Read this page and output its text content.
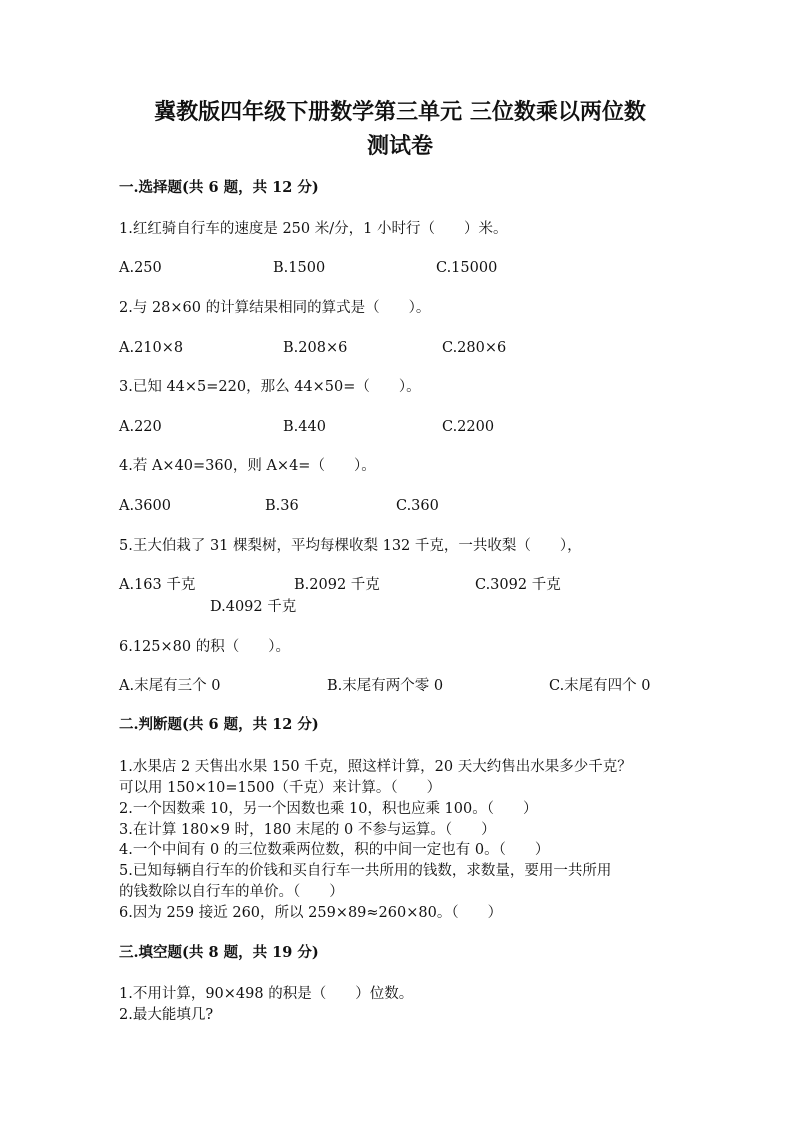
冀教版四年级下册数学第三单元 三位数乘以两位数
测试卷
一.选择题(共 6 题，共 12 分)
1.红红骑自行车的速度是 250 米/分，1 小时行（　　）米。
A.250	B.1500	C.15000
2.与 28×60 的计算结果相同的算式是（　　）。
A.210×8	B.208×6	C.280×6
3.已知 44×5=220，那么 44×50=（　　）。
A.220	B.440	C.2200
4.若 A×40=360，则 A×4=（　　）。
A.3600	B.36	C.360
5.王大伯栽了 31 棵梨树，平均每棵收梨 132 千克，一共收梨（　　），
A.163 千克	B.2092 千克	C.3092 千克
D.4092 千克
6.125×80 的积（　　）。
A.末尾有三个 0	B.末尾有两个零 0	C.末尾有四个 0
二.判断题(共 6 题，共 12 分)
1.水果店 2 天售出水果 150 千克，照这样计算，20 天大约售出水果多少千克？
可以用 150×10=1500（千克）来计算。（　　）
2.一个因数乘 10，另一个因数也乘 10，积也应乘 100。（　　）
3.在计算 180×9 时，180 末尾的 0 不参与运算。（　　）
4.一个中间有 0 的三位数乘两位数，积的中间一定也有 0。（　　）
5.已知每辆自行车的价钱和买自行车一共所用的钱数，求数量，要用一共所用
的钱数除以自行车的单价。（　　）
6.因为 259 接近 260，所以 259×89≈260×80。（　　）
三.填空题(共 8 题，共 19 分)
1.不用计算，90×498 的积是（　　）位数。
2.最大能填几?
